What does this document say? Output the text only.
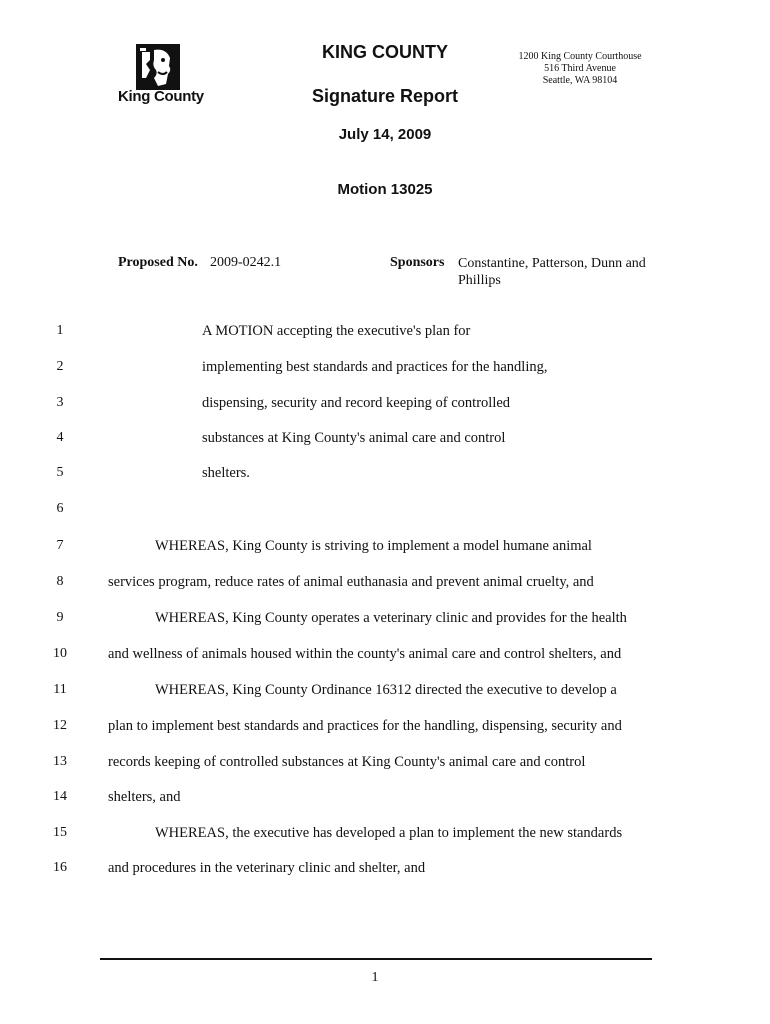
King County
KING COUNTY
Signature Report
July 14, 2009
Motion 13025
1200 King County Courthouse
516 Third Avenue
Seattle, WA 98104
Proposed No. 2009-0242.1	Sponsors Constantine, Patterson, Dunn and
Phillips
1	A MOTION accepting the executive's plan for
2	implementing best standards and practices for the handling,
3	dispensing, security and record keeping of controlled
4	substances at King County's animal care and control
5	shelters.
6
7	WHEREAS, King County is striving to implement a model humane animal
8	services program, reduce rates of animal euthanasia and prevent animal cruelty, and
9	WHEREAS, King County operates a veterinary clinic and provides for the health
10	and wellness of animals housed within the county's animal care and control shelters, and
11	WHEREAS, King County Ordinance 16312 directed the executive to develop a
12	plan to implement best standards and practices for the handling, dispensing, security and
13	records keeping of controlled substances at King County's animal care and control
14	shelters, and
15	WHEREAS, the executive has developed a plan to implement the new standards
16	and procedures in the veterinary clinic and shelter, and
1
